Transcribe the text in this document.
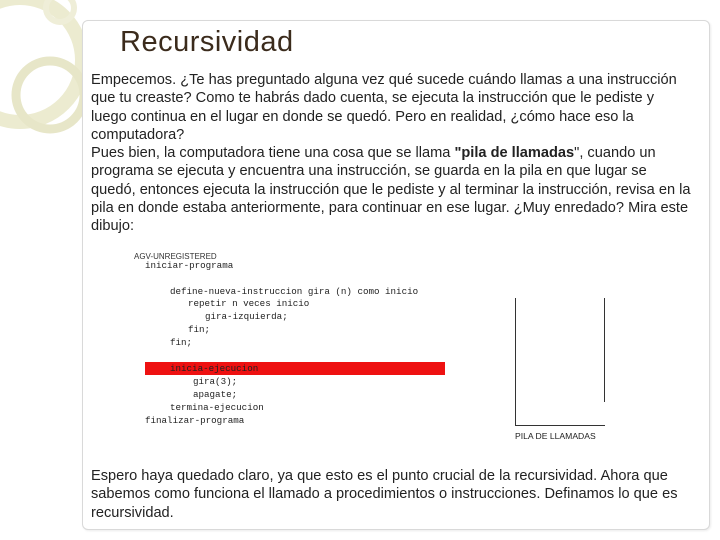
Recursividad

Empecemos. ¿Te has preguntado alguna vez qué sucede cuándo llamas a una instrucción que tu creaste? Como te habrás dado cuenta, se ejecuta la instrucción que le pediste y luego continua en el lugar en donde se quedó. Pero en realidad, ¿cómo hace eso la computadora?
Pues bien, la computadora tiene una cosa que se llama "pila de llamadas", cuando un programa se ejecuta y encuentra una instrucción, se guarda en la pila en que lugar se quedó, entonces ejecuta la instrucción que le pediste y al terminar la instrucción, revisa en la pila en donde estaba anteriormente, para continuar en ese lugar. ¿Muy enredado? Mira este dibujo:

iniciar-programa
define-nueva-instruccion gira (n) como inicio
repetir n veces inicio
gira-izquierda;
fin;
fin;
inicia-ejecucion
gira(3);
apagate;
termina-ejecucion
finalizar-programa
AGV-UNREGISTERED
PILA DE LLAMADAS

Espero haya quedado claro, ya que esto es el punto crucial de la recursividad. Ahora que sabemos como funciona el llamado a procedimientos o instrucciones. Definamos lo que es recursividad.
